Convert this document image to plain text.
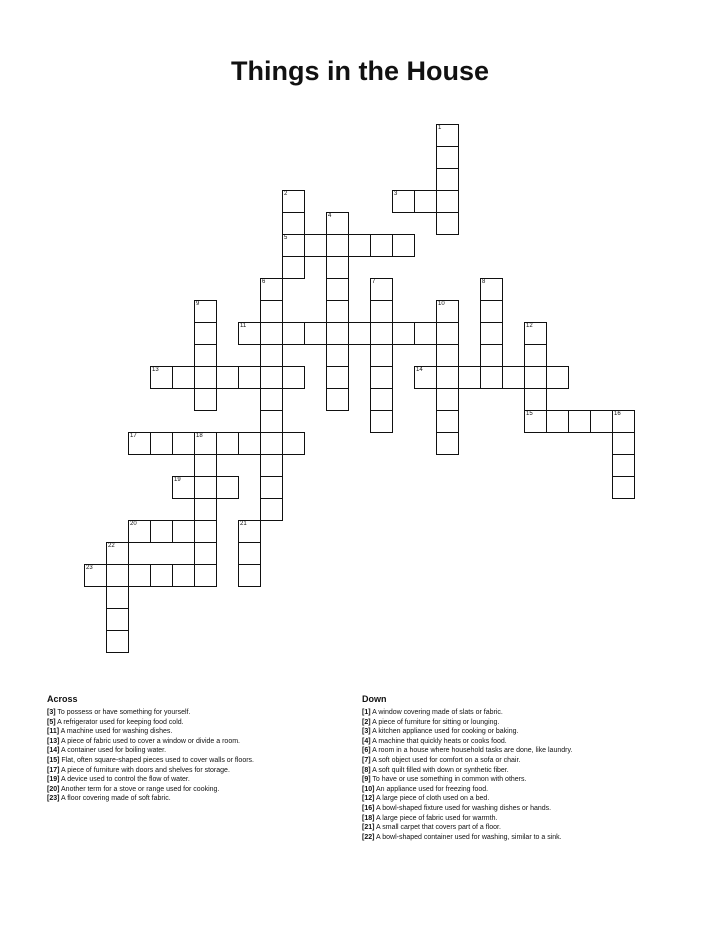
Things in the House
3
5
11
13	14
15	16
17	18
19
20
22
23
1
2
4
6	7	8
9	10
12
21
Across
[3] To possess or have something for yourself.
[5] A refrigerator used for keeping food cold.
[11] A machine used for washing dishes.
[13] A piece of fabric used to cover a window or divide a room.
[14] A container used for boiling water.
[15] Flat, often square-shaped pieces used to cover walls or floors.
[17] A piece of furniture with doors and shelves for storage.
[19] A device used to control the flow of water.
[20] Another term for a stove or range used for cooking.
[23] A floor covering made of soft fabric.
Down
[1] A window covering made of slats or fabric.
[2] A piece of furniture for sitting or lounging.
[3] A kitchen appliance used for cooking or baking.
[4] A machine that quickly heats or cooks food.
[6] A room in a house where household tasks are done, like laundry.
[7] A soft object used for comfort on a sofa or chair.
[8] A soft quilt filled with down or synthetic fiber.
[9] To have or use something in common with others.
[10] An appliance used for freezing food.
[12] A large piece of cloth used on a bed.
[16] A bowl-shaped fixture used for washing dishes or hands.
[18] A large piece of fabric used for warmth.
[21] A small carpet that covers part of a floor.
[22] A bowl-shaped container used for washing, similar to a sink.
